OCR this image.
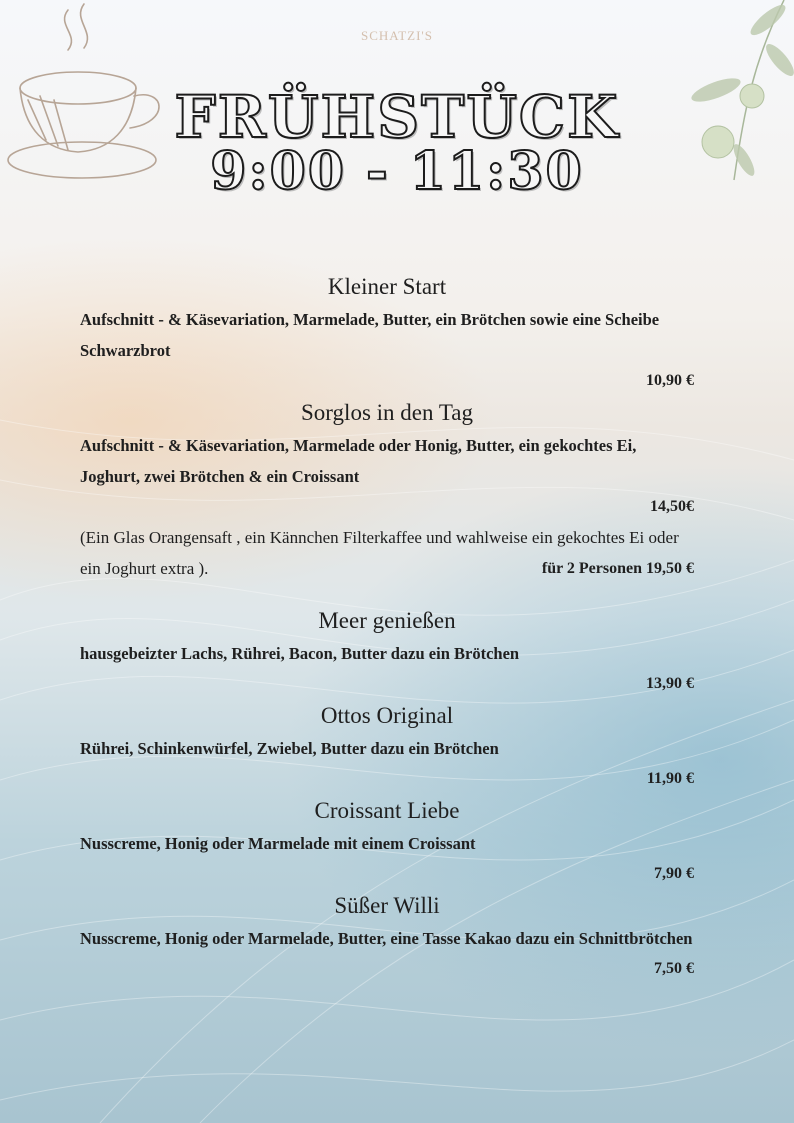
SCHATZI'S
FRÜHSTÜCK
9:00 - 11:30
Kleiner Start

Aufschnitt - & Käsevariation, Marmelade, Butter, ein Brötchen sowie eine Scheibe Schwarzbrot

10,90 €
Sorglos in den Tag

Aufschnitt - & Käsevariation, Marmelade oder Honig, Butter, ein gekochtes Ei, Joghurt, zwei Brötchen & ein Croissant

14,50€
(Ein Glas Orangensaft , ein Kännchen Filterkaffee und wahlweise ein gekochtes Ei oder ein Joghurt extra ).	für 2 Personen 19,50 €
Meer genießen

hausgebeizter Lachs, Rührei, Bacon, Butter dazu ein Brötchen

13,90 €
Ottos Original

Rührei, Schinkenwürfel, Zwiebel, Butter dazu ein Brötchen

11,90 €
Croissant Liebe

Nusscreme, Honig oder Marmelade mit einem Croissant

7,90 €
Süßer Willi

Nusscreme, Honig oder Marmelade, Butter, eine Tasse Kakao dazu ein Schnittbrötchen

7,50 €
